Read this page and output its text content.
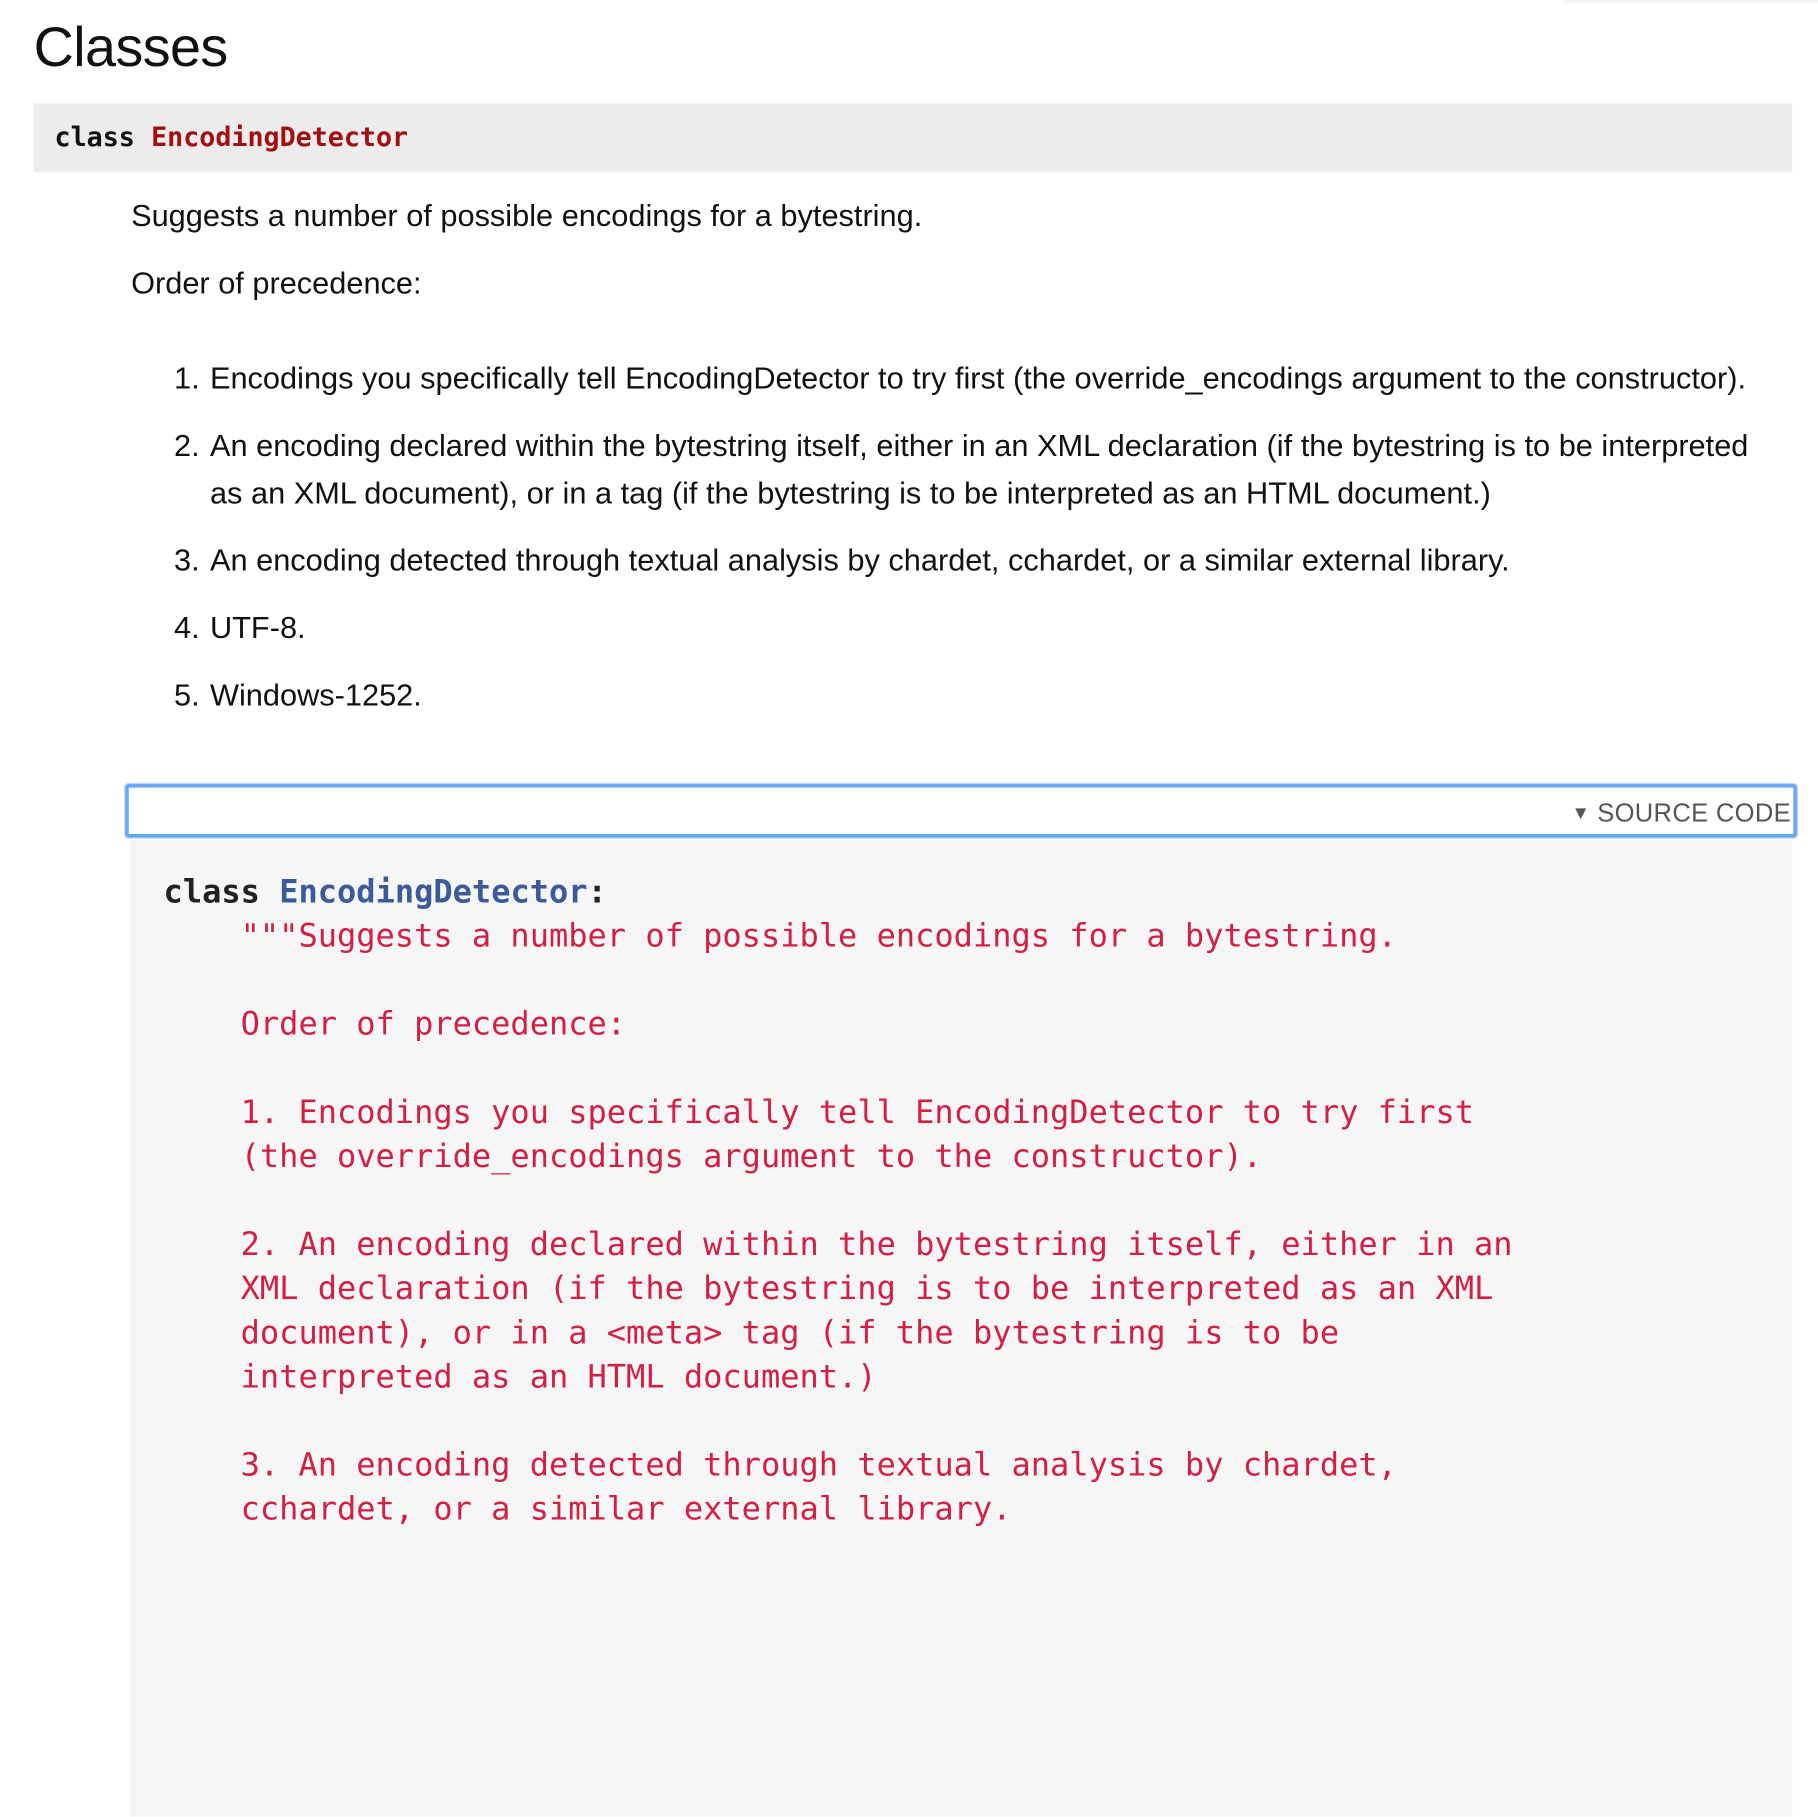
Classes
class EncodingDetector

Suggests a number of possible encodings for a bytestring.

Order of precedence:

1. Encodings you specifically tell EncodingDetector to try first (the override_encodings argument to the constructor).
2. An encoding declared within the bytestring itself, either in an XML declaration (if the bytestring is to be interpreted as an XML document), or in a tag (if the bytestring is to be interpreted as an HTML document.)
3. An encoding detected through textual analysis by chardet, cchardet, or a similar external library.
4. UTF-8.
5. Windows-1252.
▼ SOURCE CODE
class EncodingDetector:
"""Suggests a number of possible encodings for a bytestring.

Order of precedence:

1. Encodings you specifically tell EncodingDetector to try first
(the override_encodings argument to the constructor).

2. An encoding declared within the bytestring itself, either in an
XML declaration (if the bytestring is to be interpreted as an XML
document), or in a <meta> tag (if the bytestring is to be
interpreted as an HTML document.)

3. An encoding detected through textual analysis by chardet,
cchardet, or a similar external library.
